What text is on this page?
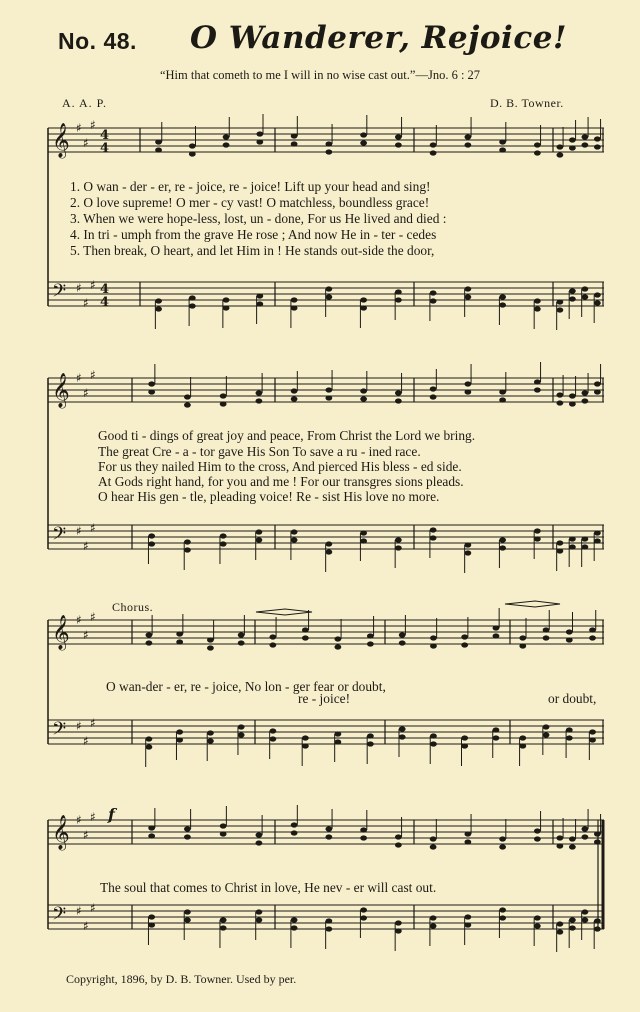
No. 48. O Wanderer, Rejoice!
“Him that cometh to me I will in no wise cast out.”—Jno. 6 : 27
A. A. P.	D. B. Towner.
𝄞
𝄢
♯
♯
♯
♯
♯
♯
4
4
4
4
𝄞
𝄢
♯
♯
♯
♯
♯
♯
𝄞
𝄢
♯
♯
♯
♯
♯
♯
𝄞
𝄢
♯
♯
♯
♯
♯
♯
f
1. O wan - der - er, re - joice, re - joice! Lift up your head and sing!
2. O love supreme! O mer - cy vast! O matchless, boundless grace!
3. When we were hope-less, lost, un - done, For us He lived and died :
4. In tri - umph from the grave He rose ; And now He in - ter - cedes
5. Then break, O heart, and let Him in ! He stands out-side the door,
Good ti - dings of great joy and peace, From Christ the Lord we bring.
The great Cre - a - tor gave His Son To save a ru - ined race.
For us they nailed Him to the cross, And pierced His bless - ed side.
At Gods right hand, for you and me ! For our transgres sions pleads.
O hear His gen - tle, pleading voice! Re - sist His love no more.
Chorus.
O wan-der - er, re - joice, No lon - ger fear or doubt,
re - joice!	or doubt,
The soul that comes to Christ in love, He nev - er will cast out.
Copyright, 1896, by D. B. Towner. Used by per.
